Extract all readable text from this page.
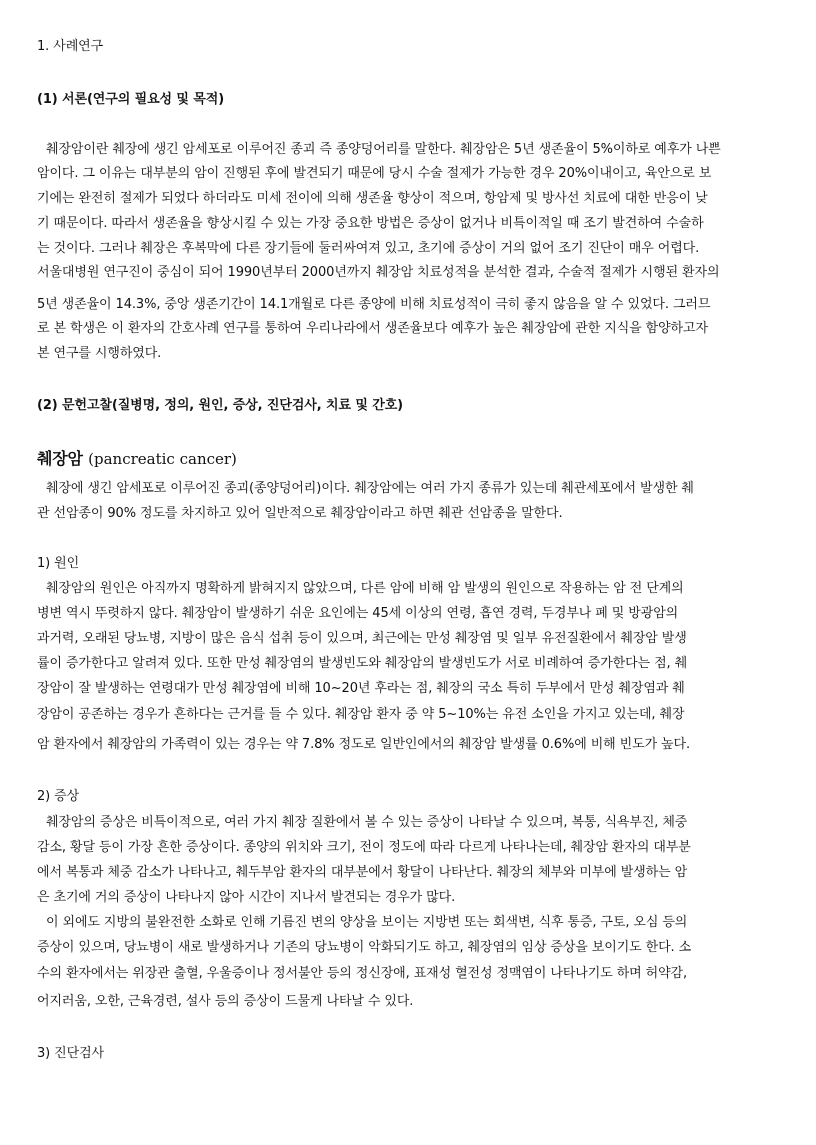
1. 사례연구
(1) 서론(연구의 필요성 및 목적)
췌장암이란 췌장에 생긴 암세포로 이루어진 종괴 즉 종양덩어리를 말한다. 췌장암은 5년 생존율이 5%이하로 예후가 나쁜
암이다. 그 이유는 대부분의 암이 진행된 후에 발견되기 때문에 당시 수술 절제가 가능한 경우 20%이내이고, 육안으로 보
기에는 완전히 절제가 되었다 하더라도 미세 전이에 의해 생존율 향상이 적으며, 항암제 및 방사선 치료에 대한 반응이 낮
기 때문이다. 따라서 생존율을 향상시킬 수 있는 가장 중요한 방법은 증상이 없거나 비특이적일 때 조기 발견하여 수술하
는 것이다. 그러나 췌장은 후복막에 다른 장기들에 둘러싸여져 있고, 초기에 증상이 거의 없어 조기 진단이 매우 어렵다.
서울대병원 연구진이 중심이 되어 1990년부터 2000년까지 췌장암 치료성적을 분석한 결과, 수술적 절제가 시행된 환자의
5년 생존율이 14.3%, 중앙 생존기간이 14.1개월로 다른 종양에 비해 치료성적이 극히 좋지 않음을 알 수 있었다. 그러므
로 본 학생은 이 환자의 간호사례 연구를 통하여 우리나라에서 생존율보다 예후가 높은 췌장암에 관한 지식을 함양하고자
본 연구를 시행하였다.
(2) 문헌고찰(질병명, 정의, 원인, 증상, 진단검사, 치료 및 간호)
췌장암 (pancreatic cancer)
췌장에 생긴 암세포로 이루어진 종괴(종양덩어리)이다. 췌장암에는 여러 가지 종류가 있는데 췌관세포에서 발생한 췌
관 선암종이 90% 정도를 차지하고 있어 일반적으로 췌장암이라고 하면 췌관 선암종을 말한다.
1) 원인
췌장암의 원인은 아직까지 명확하게 밝혀지지 않았으며, 다른 암에 비해 암 발생의 원인으로 작용하는 암 전 단계의
병변 역시 뚜렷하지 않다. 췌장암이 발생하기 쉬운 요인에는 45세 이상의 연령, 흡연 경력, 두경부나 폐 및 방광암의
과거력, 오래된 당뇨병, 지방이 많은 음식 섭취 등이 있으며, 최근에는 만성 췌장염 및 일부 유전질환에서 췌장암 발생
률이 증가한다고 알려져 있다. 또한 만성 췌장염의 발생빈도와 췌장암의 발생빈도가 서로 비례하여 증가한다는 점, 췌
장암이 잘 발생하는 연령대가 만성 췌장염에 비해 10~20년 후라는 점, 췌장의 국소 특히 두부에서 만성 췌장염과 췌
장암이 공존하는 경우가 흔하다는 근거를 들 수 있다. 췌장암 환자 중 약 5~10%는 유전 소인을 가지고 있는데, 췌장
암 환자에서 췌장암의 가족력이 있는 경우는 약 7.8% 정도로 일반인에서의 췌장암 발생률 0.6%에 비해 빈도가 높다.
2) 증상
췌장암의 증상은 비특이적으로, 여러 가지 췌장 질환에서 볼 수 있는 증상이 나타날 수 있으며, 복통, 식욕부진, 체중
감소, 황달 등이 가장 흔한 증상이다. 종양의 위치와 크기, 전이 정도에 따라 다르게 나타나는데, 췌장암 환자의 대부분
에서 복통과 체중 감소가 나타나고, 췌두부암 환자의 대부분에서 황달이 나타난다. 췌장의 체부와 미부에 발생하는 암
은 초기에 거의 증상이 나타나지 않아 시간이 지나서 발견되는 경우가 많다.
이 외에도 지방의 불완전한 소화로 인해 기름진 변의 양상을 보이는 지방변 또는 회색변, 식후 통증, 구토, 오심 등의
증상이 있으며, 당뇨병이 새로 발생하거나 기존의 당뇨병이 악화되기도 하고, 췌장염의 임상 증상을 보이기도 한다. 소
수의 환자에서는 위장관 출혈, 우울증이나 정서불안 등의 정신장애, 표재성 혈전성 정맥염이 나타나기도 하며 허약감,
어지러움, 오한, 근육경련, 설사 등의 증상이 드물게 나타날 수 있다.
3) 진단검사
